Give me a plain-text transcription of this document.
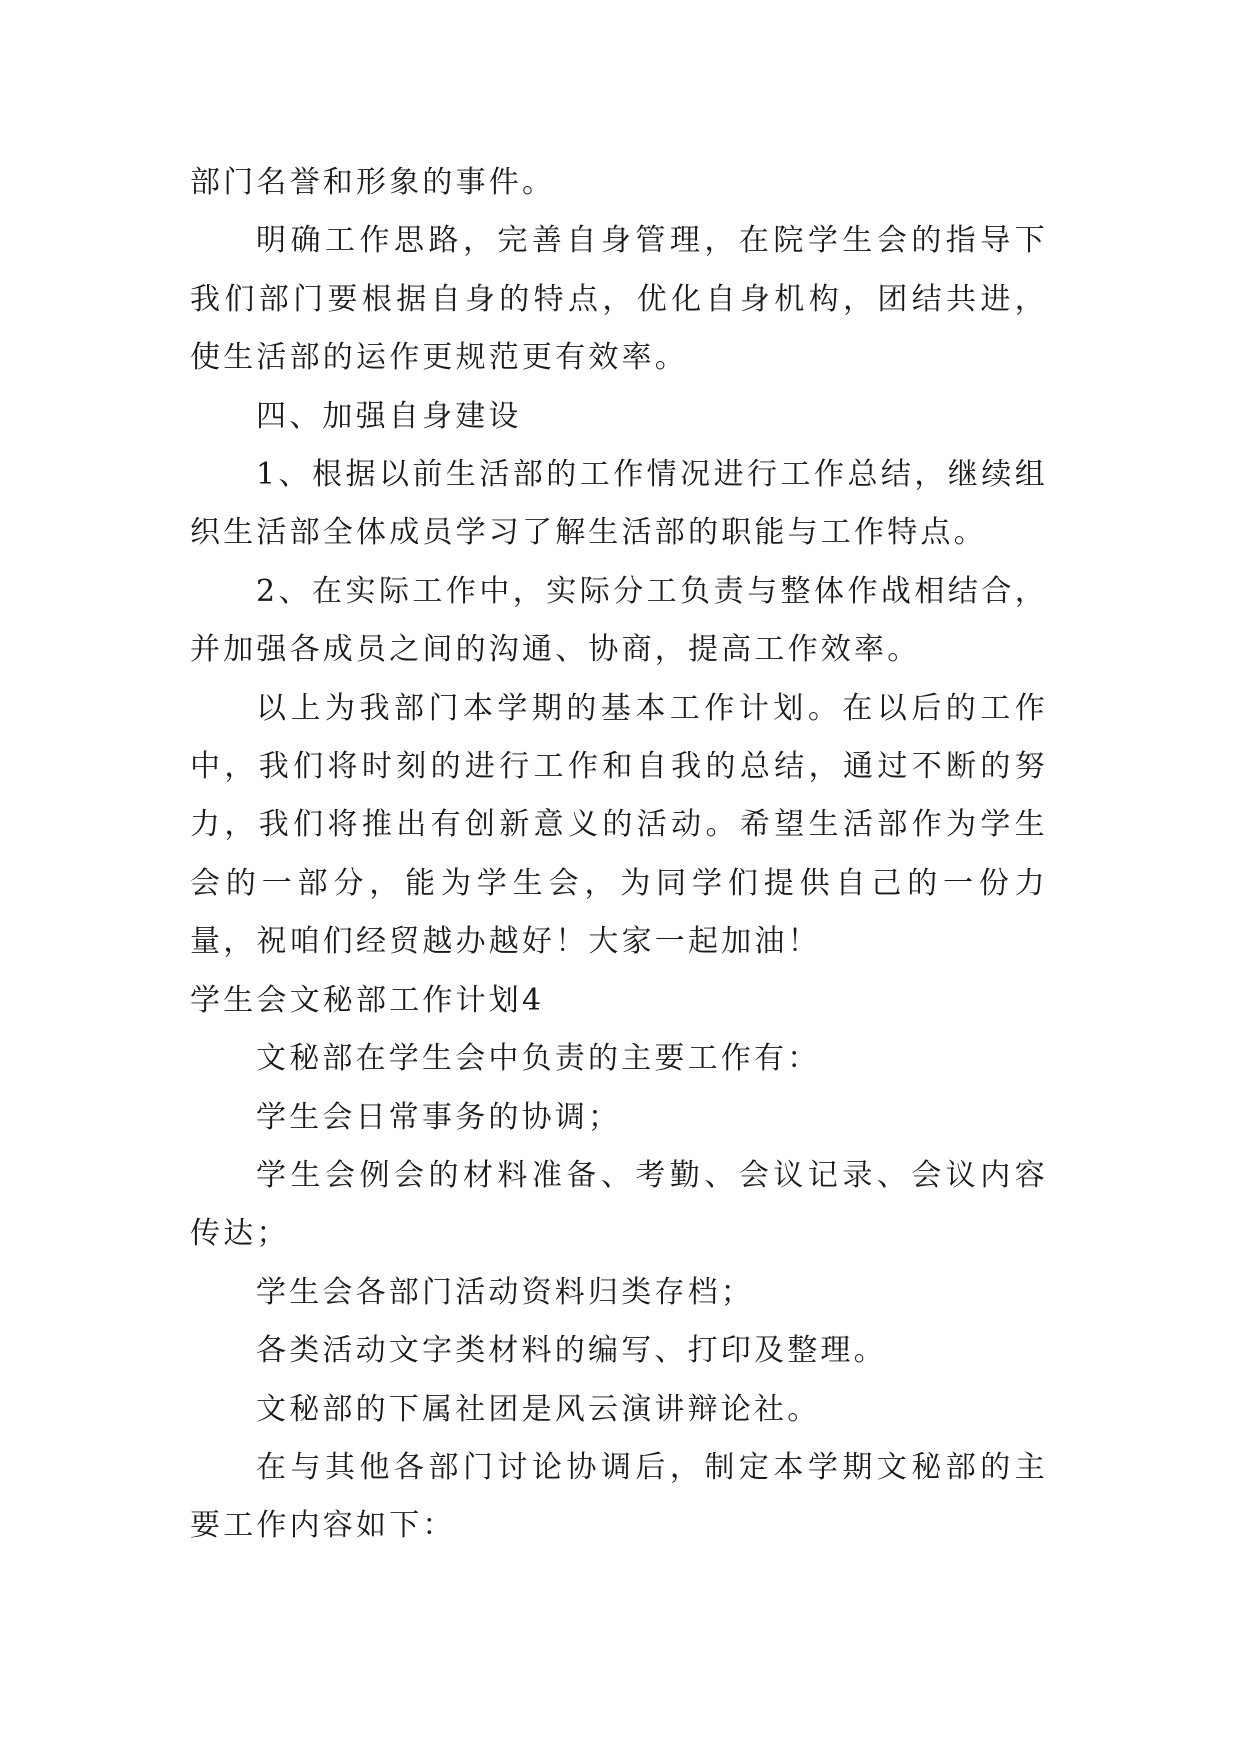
部门名誉和形象的事件。

明确工作思路，完善自身管理，在院学生会的指导下我们部门要根据自身的特点，优化自身机构，团结共进，使生活部的运作更规范更有效率。

四、加强自身建设

1、根据以前生活部的工作情况进行工作总结，继续组织生活部全体成员学习了解生活部的职能与工作特点。

2、在实际工作中，实际分工负责与整体作战相结合，并加强各成员之间的沟通、协商，提高工作效率。

以上为我部门本学期的基本工作计划。在以后的工作中，我们将时刻的进行工作和自我的总结，通过不断的努力，我们将推出有创新意义的活动。希望生活部作为学生会的一部分，能为学生会，为同学们提供自己的一份力量，祝咱们经贸越办越好！大家一起加油！

学生会文秘部工作计划4

文秘部在学生会中负责的主要工作有：

学生会日常事务的协调；

学生会例会的材料准备、考勤、会议记录、会议内容传达；

学生会各部门活动资料归类存档；

各类活动文字类材料的编写、打印及整理。

文秘部的下属社团是风云演讲辩论社。

在与其他各部门讨论协调后，制定本学期文秘部的主要工作内容如下：
